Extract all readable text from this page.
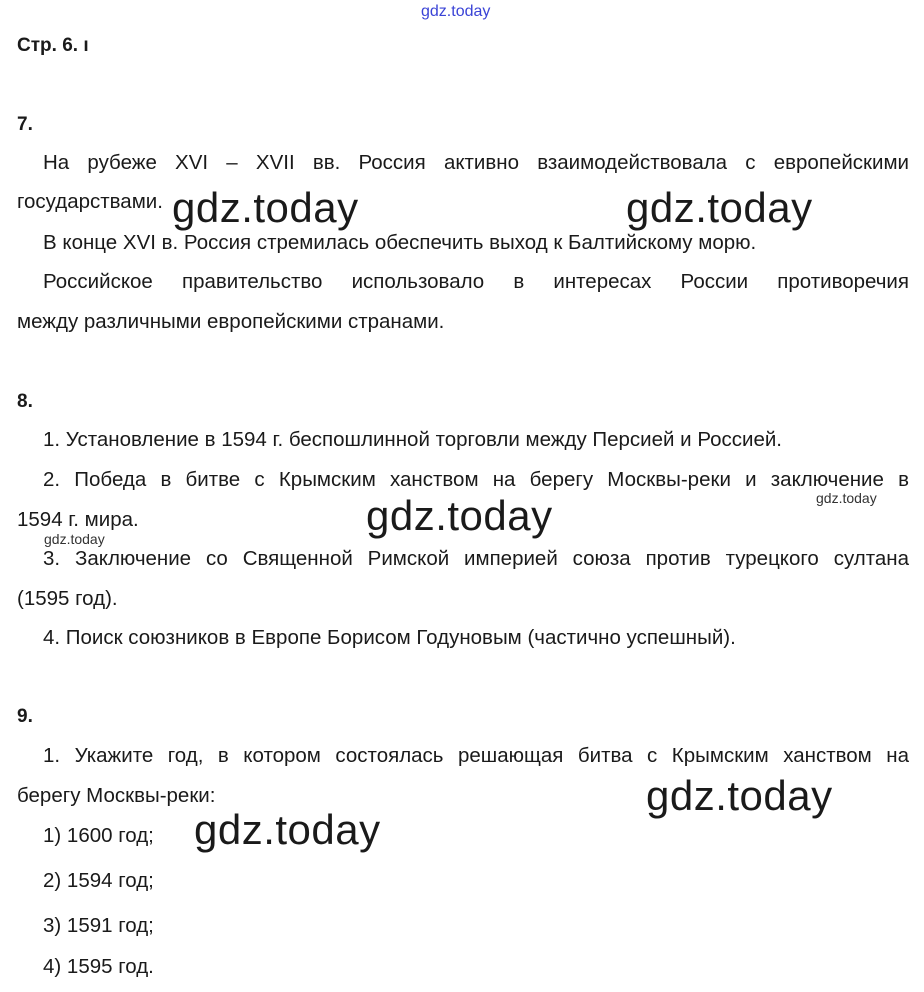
gdz.today
Стр. 6. ı
7.
На рубеже XVI – XVII вв. Россия активно взаимодействовала с европейскими
государствами.
В конце XVI в. Россия стремилась обеспечить выход к Балтийскому морю.
Российское правительство использовало в интересах России противоречия
между различными европейскими странами.
gdz.today	gdz.today
8.
1. Установление в 1594 г. беспошлинной торговли между Персией и Россией.
2. Победа в битве с Крымским ханством на берегу Москвы-реки и заключение в
1594 г. мира.
3. Заключение со Священной Римской империей союза против турецкого султана
(1595 год).
4. Поиск союзников в Европе Борисом Годуновым (частично успешный).
gdz.today
gdz.today
gdz.today
9.
1. Укажите год, в котором состоялась решающая битва с Крымским ханством на
берегу Москвы-реки:
1) 1600 год;
2) 1594 год;
3) 1591 год;
4) 1595 год.
gdz.today
gdz.today
